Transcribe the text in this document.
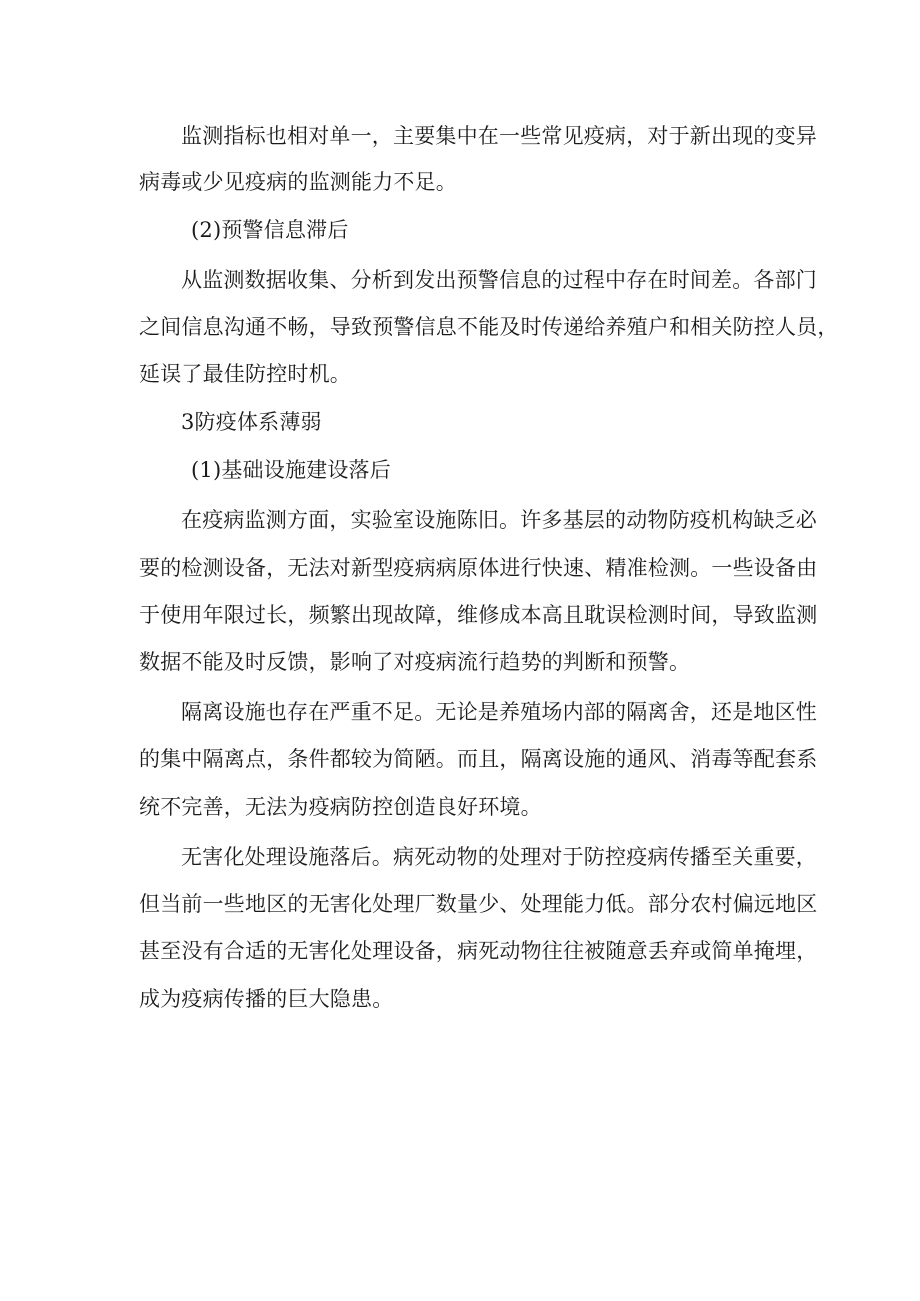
监测指标也相对单一，主要集中在一些常见疫病，对于新出现的变异
病毒或少见疫病的监测能力不足。
(2)预警信息滞后
从监测数据收集、分析到发出预警信息的过程中存在时间差。各部门
之间信息沟通不畅，导致预警信息不能及时传递给养殖户和相关防控人员，
延误了最佳防控时机。
3防疫体系薄弱
(1)基础设施建设落后
在疫病监测方面，实验室设施陈旧。许多基层的动物防疫机构缺乏必
要的检测设备，无法对新型疫病病原体进行快速、精准检测。一些设备由
于使用年限过长，频繁出现故障，维修成本高且耽误检测时间，导致监测
数据不能及时反馈，影响了对疫病流行趋势的判断和预警。
隔离设施也存在严重不足。无论是养殖场内部的隔离舍，还是地区性
的集中隔离点，条件都较为简陋。而且，隔离设施的通风、消毒等配套系
统不完善，无法为疫病防控创造良好环境。
无害化处理设施落后。病死动物的处理对于防控疫病传播至关重要，
但当前一些地区的无害化处理厂数量少、处理能力低。部分农村偏远地区
甚至没有合适的无害化处理设备，病死动物往往被随意丢弃或简单掩埋，
成为疫病传播的巨大隐患。
